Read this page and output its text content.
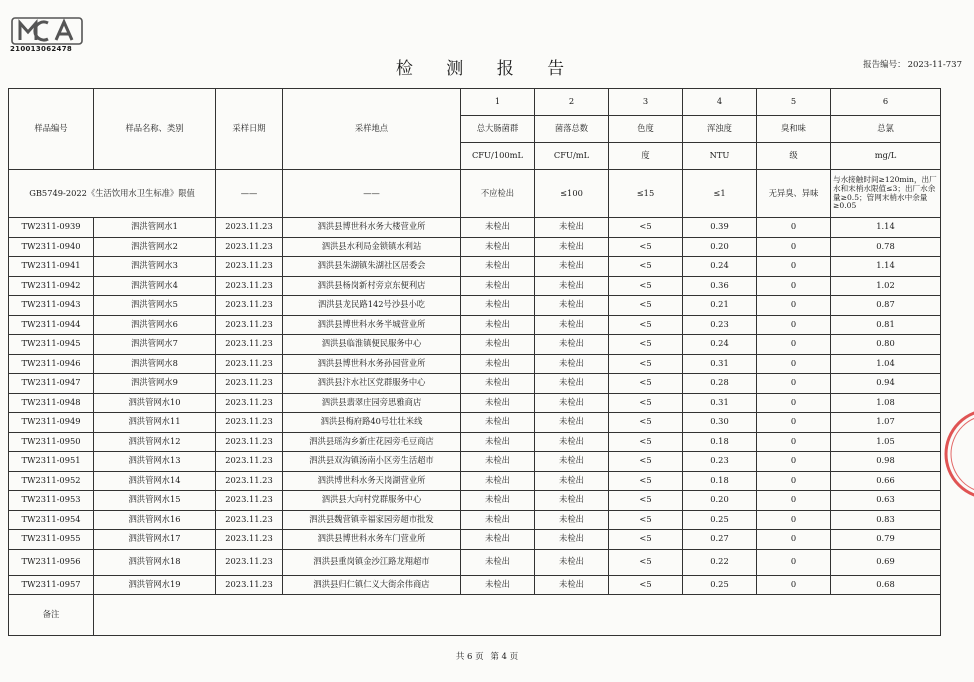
210013062478
检 测 报 告	报告编号： 2023-11-737
样品编号	样品名称、类别	采样日期	采样地点	1	2	3	4	5	6
				总大肠菌群	菌落总数	色度	浑浊度	臭和味	总氯
				CFU/100mL	CFU/mL	度	NTU	级	mg/L
GB5749-2022《生活饮用水卫生标准》限值		——	——	不应检出	≤100	≤15	≤1	无异臭、异味	与水接触时间≥120min，出厂水和末梢水限值≤3；出厂水余量≥0.5；管网末梢水中余量≥0.05
TW2311-0939	泗洪管网水1	2023.11.23	泗洪县博世科水务大楼营业所	未检出	未检出	<5	0.39	0	1.14
TW2311-0940	泗洪管网水2	2023.11.23	泗洪县水利局金锁镇水利站	未检出	未检出	<5	0.20	0	0.78
TW2311-0941	泗洪管网水3	2023.11.23	泗洪县朱湖镇朱湖社区居委会	未检出	未检出	<5	0.24	0	1.14
TW2311-0942	泗洪管网水4	2023.11.23	泗洪县杨岗新村旁京东便利店	未检出	未检出	<5	0.36	0	1.02
TW2311-0943	泗洪管网水5	2023.11.23	泗洪县龙民路142号沙县小吃	未检出	未检出	<5	0.21	0	0.87
TW2311-0944	泗洪管网水6	2023.11.23	泗洪县博世科水务半城营业所	未检出	未检出	<5	0.23	0	0.81
TW2311-0945	泗洪管网水7	2023.11.23	泗洪县临淮镇便民服务中心	未检出	未检出	<5	0.24	0	0.80
TW2311-0946	泗洪管网水8	2023.11.23	泗洪县博世科水务孙园营业所	未检出	未检出	<5	0.31	0	1.04
TW2311-0947	泗洪管网水9	2023.11.23	泗洪县汴水社区党群服务中心	未检出	未检出	<5	0.28	0	0.94
TW2311-0948	泗洪管网水10	2023.11.23	泗洪县翡翠庄园旁思雅商店	未检出	未检出	<5	0.31	0	1.08
TW2311-0949	泗洪管网水11	2023.11.23	泗洪县梅府路40号壮壮米线	未检出	未检出	<5	0.30	0	1.07
TW2311-0950	泗洪管网水12	2023.11.23	泗洪县瑶沟乡新庄花园旁毛豆商店	未检出	未检出	<5	0.18	0	1.05
TW2311-0951	泗洪管网水13	2023.11.23	泗洪县双沟镇汤南小区旁生活超市	未检出	未检出	<5	0.23	0	0.98
TW2311-0952	泗洪管网水14	2023.11.23	泗洪博世科水务天岗湖营业所	未检出	未检出	<5	0.18	0	0.66
TW2311-0953	泗洪管网水15	2023.11.23	泗洪县大向村党群服务中心	未检出	未检出	<5	0.20	0	0.63
TW2311-0954	泗洪管网水16	2023.11.23	泗洪县魏营镇幸福家园旁超市批发	未检出	未检出	<5	0.25	0	0.83
TW2311-0955	泗洪管网水17	2023.11.23	泗洪县博世科水务车门营业所	未检出	未检出	<5	0.27	0	0.79
TW2311-0956	泗洪管网水18	2023.11.23	泗洪县重岗镇金沙江路龙翔超市	未检出	未检出	<5	0.22	0	0.69
TW2311-0957	泗洪管网水19	2023.11.23	泗洪县归仁镇仁义大街余伟商店	未检出	未检出	<5	0.25	0	0.68
备注									
共 6 页 第 4 页
